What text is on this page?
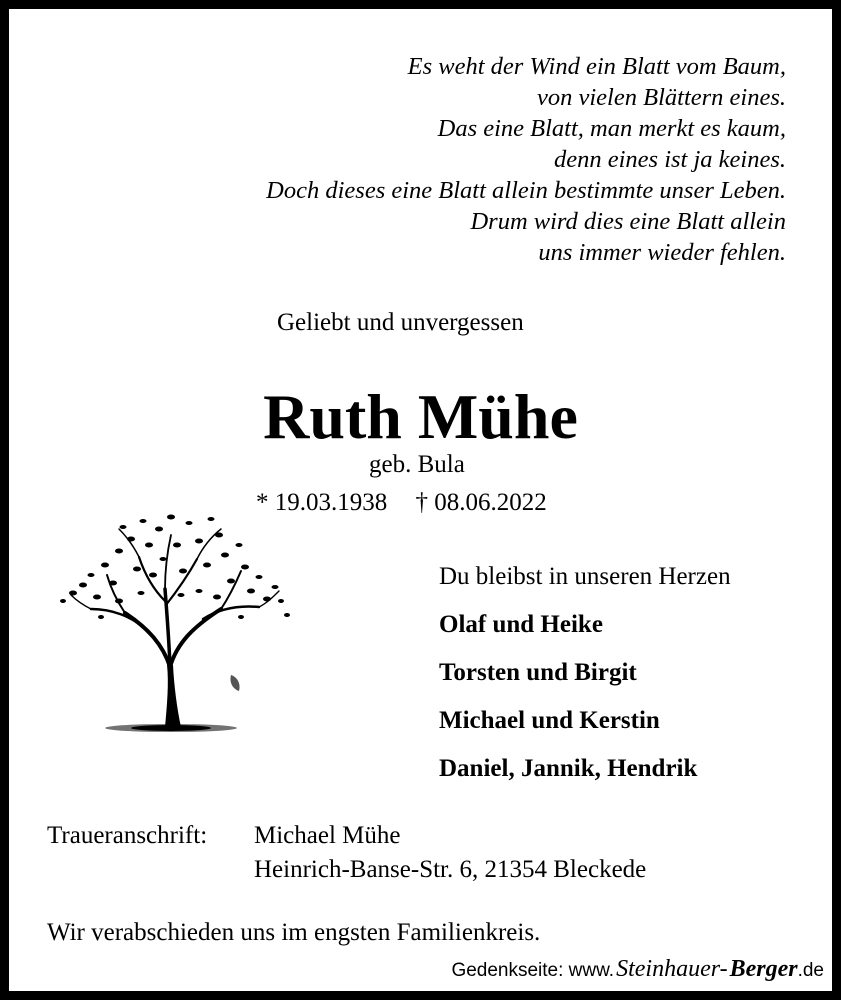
Es weht der Wind ein Blatt vom Baum,
von vielen Blättern eines.
Das eine Blatt, man merkt es kaum,
denn eines ist ja keines.
Doch dieses eine Blatt allein bestimmte unser Leben.
Drum wird dies eine Blatt allein
uns immer wieder fehlen.
Geliebt und unvergessen
Ruth Mühe
geb. Bula
* 19.03.1938 † 08.06.2022
Du bleibst in unseren Herzen
Olaf und Heike
Torsten und Birgit
Michael und Kerstin
Daniel, Jannik, Hendrik
Traueranschrift: Michael Mühe
Heinrich-Banse-Str. 6, 21354 Bleckede
Wir verabschieden uns im engsten Familienkreis.
Gedenkseite: www. Steinhauer- Berger .de
